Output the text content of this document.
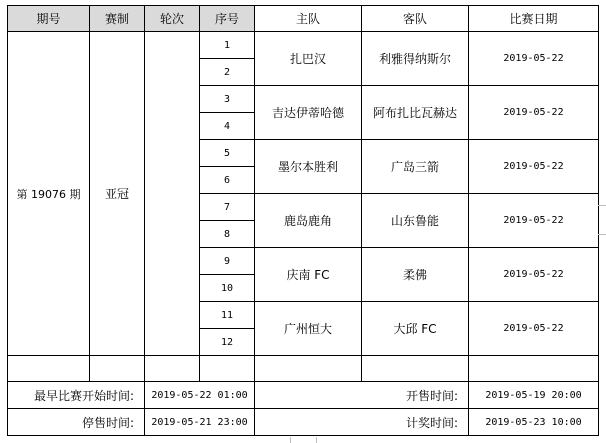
期号	赛制	轮次	序号	主队	客队	比赛日期
第 19076 期	亚冠		1	扎巴汉	利雅得纳斯尔	2019-05-22
			2			
			3	吉达伊蒂哈德	阿布扎比瓦赫达	2019-05-22
			4			
			5	墨尔本胜利	广岛三箭	2019-05-22
			6			
			7	鹿岛鹿角	山东鲁能	2019-05-22
			8			
			9	庆南 FC	柔佛	2019-05-22
			10			
			11	广州恒大	大邱 FC	2019-05-22
			12			

最早比赛开始时间:		2019-05-22 01:00		开售时间:		2019-05-19 20:00
停售时间:		2019-05-21 23:00		计奖时间:		2019-05-23 10:00
